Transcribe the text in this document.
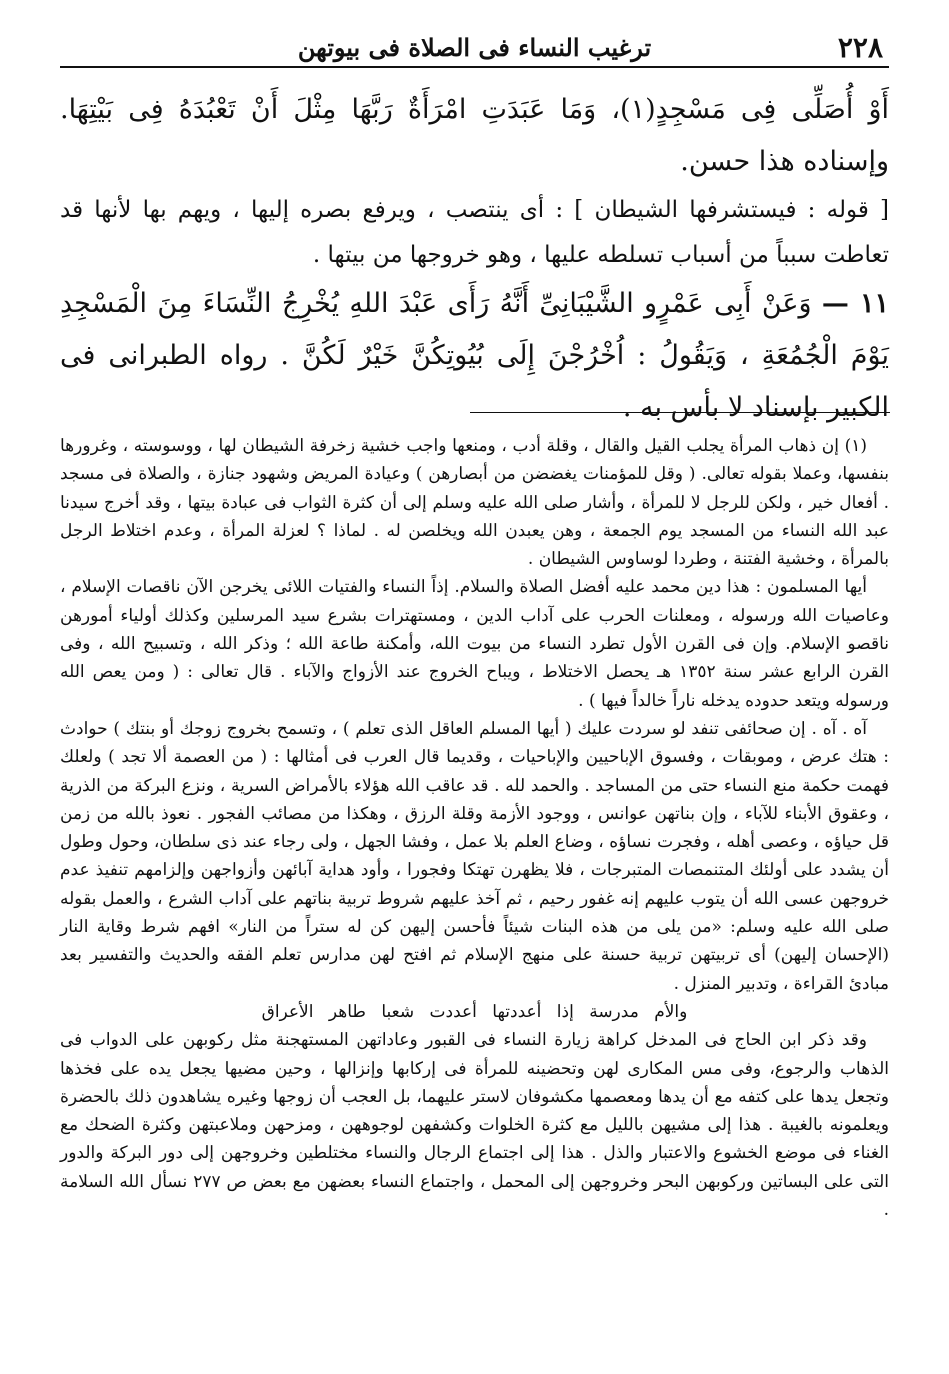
٢٢٨
ترغيب النساء فى الصلاة فى بيوتهن

أَوْ أُصَلِّى فِى مَسْجِدٍ(١)، وَمَا عَبَدَتِ امْرَأَةٌ رَبَّهَا مِثْلَ أَنْ تَعْبُدَهُ فِى بَيْتِهَا. وإسناده هذا حسن.

[ قوله : فيستشرفها الشيطان ] : أى ينتصب ، ويرفع بصره إليها ، ويهم بها لأنها قد تعاطت سبباً من أسباب تسلطه عليها ، وهو خروجها من بيتها .

١١ — وَعَنْ أَبِى عَمْرٍو الشَّيْبَانِىِّ أَنَّهُ رَأَى عَبْدَ اللهِ يُخْرِجُ النِّسَاءَ مِنَ الْمَسْجِدِ يَوْمَ الْجُمُعَةِ ، وَيَقُولُ : اُخْرُجْنَ إِلَى بُيُوتِكُنَّ خَيْرٌ لَكُنَّ . رواه الطبرانى فى الكبير بإسناد لا بأس به .

(١) إن ذهاب المرأة يجلب القيل والقال ، وقلة أدب ، ومنعها واجب خشية زخرفة الشيطان لها ، ووسوسته ، وغرورها بنفسها، وعملا بقوله تعالى. ( وقل للمؤمنات يغضضن من أبصارهن ) وعيادة المريض وشهود جنازة ، والصلاة فى مسجد . أفعال خير ، ولكن للرجل لا للمرأة ، وأشار صلى الله عليه وسلم إلى أن كثرة الثواب فى عبادة بيتها ، وقد أخرج سيدنا عبد الله النساء من المسجد يوم الجمعة ، وهن يعبدن الله ويخلصن له . لماذا ؟ لعزلة المرأة ، وعدم اختلاط الرجل بالمرأة ، وخشية الفتنة ، وطردا لوساوس الشيطان .

أيها المسلمون : هذا دين محمد عليه أفضل الصلاة والسلام. إذاً النساء والفتيات اللائى يخرجن الآن ناقصات الإسلام ، وعاصيات الله ورسوله ، ومعلنات الحرب على آداب الدين ، ومستهترات بشرع سيد المرسلين وكذلك أولياء أمورهن ناقصو الإسلام. وإن فى القرن الأول تطرد النساء من بيوت الله، وأمكنة طاعة الله ؛ وذكر الله ، وتسبيح الله ، وفى القرن الرابع عشر سنة ١٣٥٢ هـ يحصل الاختلاط ، ويباح الخروج عند الأزواج والآباء . قال تعالى : ( ومن يعص الله ورسوله ويتعد حدوده يدخله ناراً خالداً فيها ) .

آه . آه . إن صحائفى تنفد لو سردت عليك ( أيها المسلم العاقل الذى تعلم ) ، وتسمح بخروج زوجك أو بنتك ) حوادث : هتك عرض ، وموبقات ، وفسوق الإباحيين والإباحيات ، وقديما قال العرب فى أمثالها : ( من العصمة ألا تجد ) ولعلك فهمت حكمة منع النساء حتى من المساجد . والحمد لله . قد عاقب الله هؤلاء بالأمراض السرية ، ونزع البركة من الذرية ، وعقوق الأبناء للآباء ، وإن بناتهن عوانس ، ووجود الأزمة وقلة الرزق ، وهكذا من مصائب الفجور . نعوذ بالله من زمن قل حياؤه ، وعصى أهله ، وفجرت نساؤه ، وضاع العلم بلا عمل ، وفشا الجهل ، ولى رجاء عند ذى سلطان، وحول وطول أن يشدد على أولئك المتنمصات المتبرجات ، فلا يظهرن تهتكا وفجورا ، وأود هداية آبائهن وأزواجهن وإلزامهم تنفيذ عدم خروجهن عسى الله أن يتوب عليهم إنه غفور رحيم ، ثم آخذ عليهم شروط تربية بناتهم على آداب الشرع ، والعمل بقوله صلى الله عليه وسلم: «من يلى من هذه البنات شيئاً فأحسن إليهن كن له ستراً من النار» افهم شرط وقاية النار (الإحسان إليهن) أى تربيتهن تربية حسنة على منهج الإسلام ثم افتح لهن مدارس تعلم الفقه والحديث والتفسير بعد مبادئ القراءة ، وتدبير المنزل .

والأم مدرسة إذا أعددتها أعددت شعبا طاهر الأعراق

وقد ذكر ابن الحاج فى المدخل كراهة زيارة النساء فى القبور وعاداتهن المستهجنة مثل ركوبهن على الدواب فى الذهاب والرجوع، وفى مس المكارى لهن وتحضينه للمرأة فى إركابها وإنزالها ، وحين مضيها يجعل يده على فخذها وتجعل يدها على كتفه مع أن يدها ومعصمها مكشوفان لاستر عليهما، بل العجب أن زوجها وغيره يشاهدون ذلك بالحضرة ويعلمونه بالغيبة . هذا إلى مشيهن بالليل مع كثرة الخلوات وكشفهن لوجوههن ، ومزحهن وملاعبتهن وكثرة الضحك مع الغناء فى موضع الخشوع والاعتبار والذل . هذا إلى اجتماع الرجال والنساء مختلطين وخروجهن إلى دور البركة والدور التى على البساتين وركوبهن البحر وخروجهن إلى المحمل ، واجتماع النساء بعضهن مع بعض ص ٢٧٧ نسأل الله السلامة .
